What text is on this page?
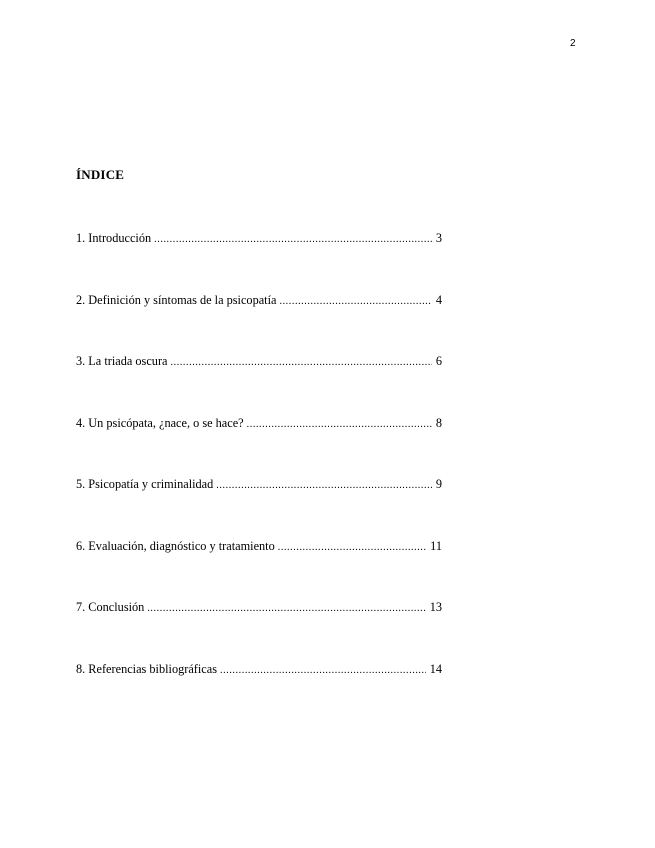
2
ÍNDICE
1. Introducción .....	3
2. Definición y síntomas de la psicopatía .....	4
3. La triada oscura .....	6
4. Un psicópata, ¿nace, o se hace? .....	8
5. Psicopatía y criminalidad .....	9
6. Evaluación, diagnóstico y tratamiento .....	11
7. Conclusión .....	13
8. Referencias bibliográficas .....	14
